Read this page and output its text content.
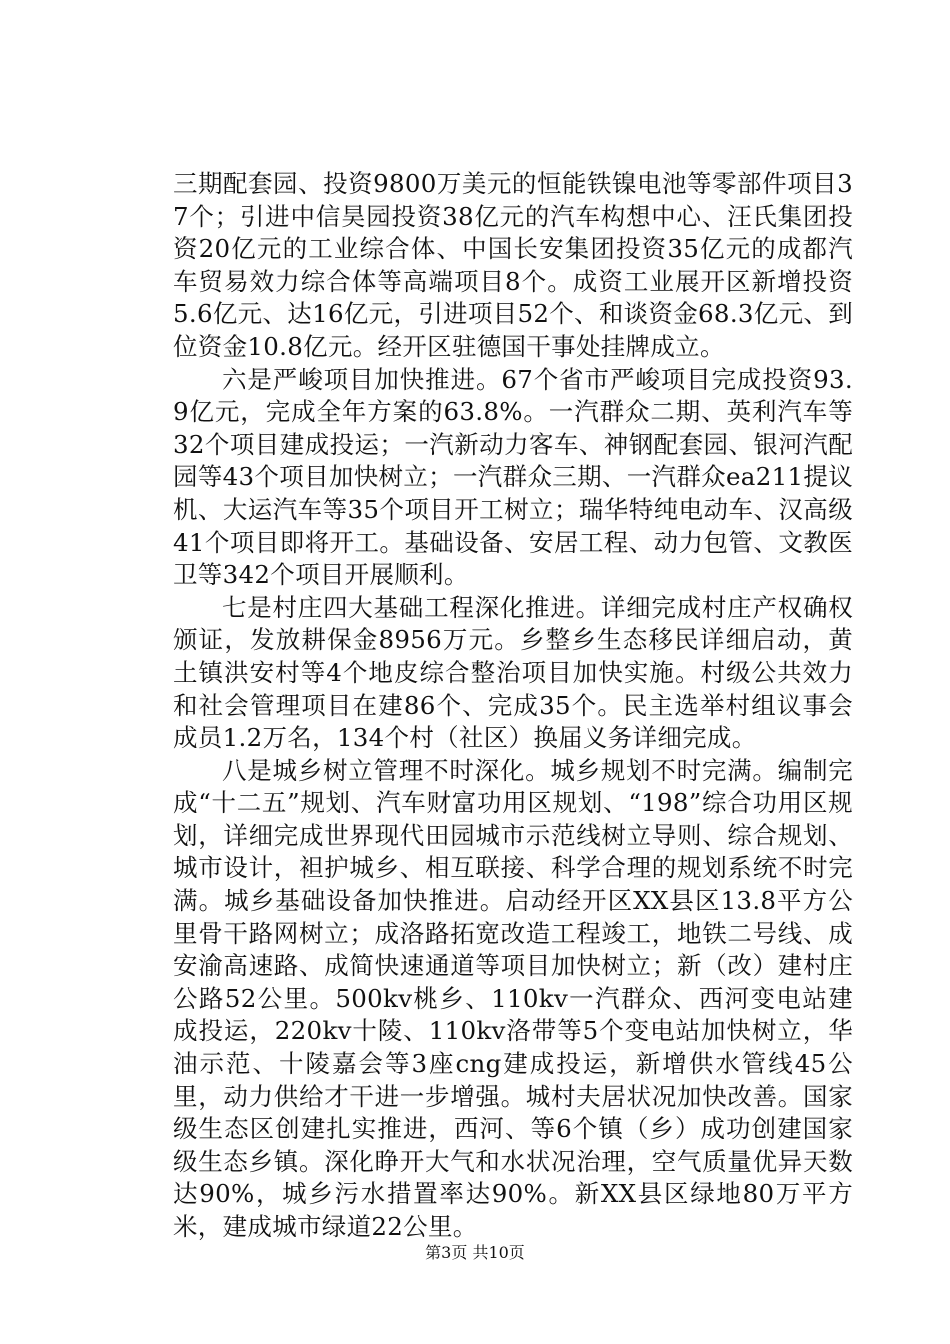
三期配套园、投资9800万美元的恒能铁镍电池等零部件项目37个；引进中信昊园投资38亿元的汽车构想中心、汪氏集团投资20亿元的工业综合体、中国长安集团投资35亿元的成都汽车贸易效力综合体等高端项目8个。成资工业展开区新增投资5.6亿元、达16亿元，引进项目52个、和谈资金68.3亿元、到位资金10.8亿元。经开区驻德国干事处挂牌成立。

六是严峻项目加快推进。67个省市严峻项目完成投资93.9亿元，完成全年方案的63.8%。一汽群众二期、英利汽车等32个项目建成投运；一汽新动力客车、神钢配套园、银河汽配园等43个项目加快树立；一汽群众三期、一汽群众ea211提议机、大运汽车等35个项目开工树立；瑞华特纯电动车、汉高级41个项目即将开工。基础设备、安居工程、动力包管、文教医卫等342个项目开展顺利。

七是村庄四大基础工程深化推进。详细完成村庄产权确权颁证，发放耕保金8956万元。乡整乡生态移民详细启动，黄土镇洪安村等4个地皮综合整治项目加快实施。村级公共效力和社会管理项目在建86个、完成35个。民主选举村组议事会成员1.2万名，134个村（社区）换届义务详细完成。

八是城乡树立管理不时深化。城乡规划不时完满。编制完成“十二五”规划、汽车财富功用区规划、“198”综合功用区规划，详细完成世界现代田园城市示范线树立导则、综合规划、城市设计，袒护城乡、相互联接、科学合理的规划系统不时完满。城乡基础设备加快推进。启动经开区XX县区13.8平方公里骨干路网树立；成洛路拓宽改造工程竣工，地铁二号线、成安渝高速路、成简快速通道等项目加快树立；新（改）建村庄公路52公里。500kv桃乡、110kv一汽群众、西河变电站建成投运，220kv十陵、110kv洛带等5个变电站加快树立，华油示范、十陵嘉会等3座cng建成投运，新增供水管线45公里，动力供给才干进一步增强。城村夫居状况加快改善。国家级生态区创建扎实推进，西河、等6个镇（乡）成功创建国家级生态乡镇。深化睁开大气和水状况治理，空气质量优异天数达90%，城乡污水措置率达90%。新XX县区绿地80万平方米，建成城市绿道22公里。

第3页 共10页
